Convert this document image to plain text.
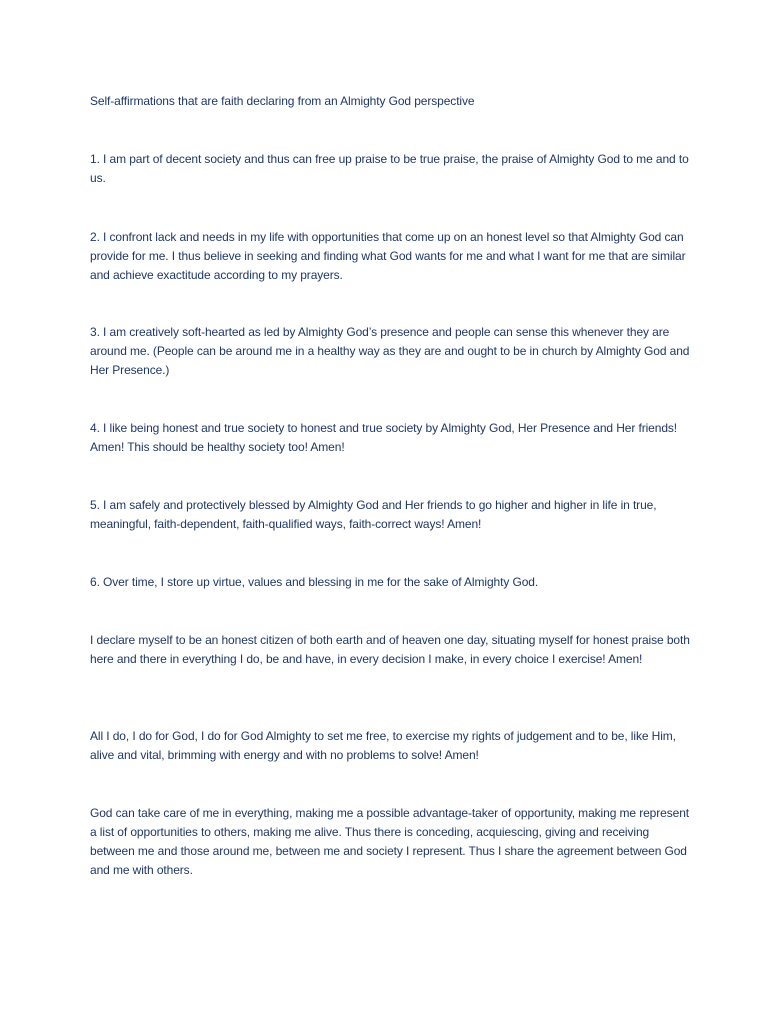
Self-affirmations that are faith declaring from an Almighty God perspective

1. I am part of decent society and thus can free up praise to be true praise, the praise of Almighty God to me and to us.

2. I confront lack and needs in my life with opportunities that come up on an honest level so that Almighty God can provide for me. I thus believe in seeking and finding what God wants for me and what I want for me that are similar and achieve exactitude according to my prayers.

3. I am creatively soft-hearted as led by Almighty God’s presence and people can sense this whenever they are around me. (People can be around me in a healthy way as they are and ought to be in church by Almighty God and Her Presence.)

4. I like being honest and true society to honest and true society by Almighty God, Her Presence and Her friends! Amen! This should be healthy society too! Amen!

5. I am safely and protectively blessed by Almighty God and Her friends to go higher and higher in life in true, meaningful, faith-dependent, faith-qualified ways, faith-correct ways! Amen!

6. Over time, I store up virtue, values and blessing in me for the sake of Almighty God.

I declare myself to be an honest citizen of both earth and of heaven one day, situating myself for honest praise both here and there in everything I do, be and have, in every decision I make, in every choice I exercise! Amen!

All I do, I do for God, I do for God Almighty to set me free, to exercise my rights of judgement and to be, like Him, alive and vital, brimming with energy and with no problems to solve! Amen!

God can take care of me in everything, making me a possible advantage-taker of opportunity, making me represent a list of opportunities to others, making me alive. Thus there is conceding, acquiescing, giving and receiving between me and those around me, between me and society I represent. Thus I share the agreement between God and me with others.
